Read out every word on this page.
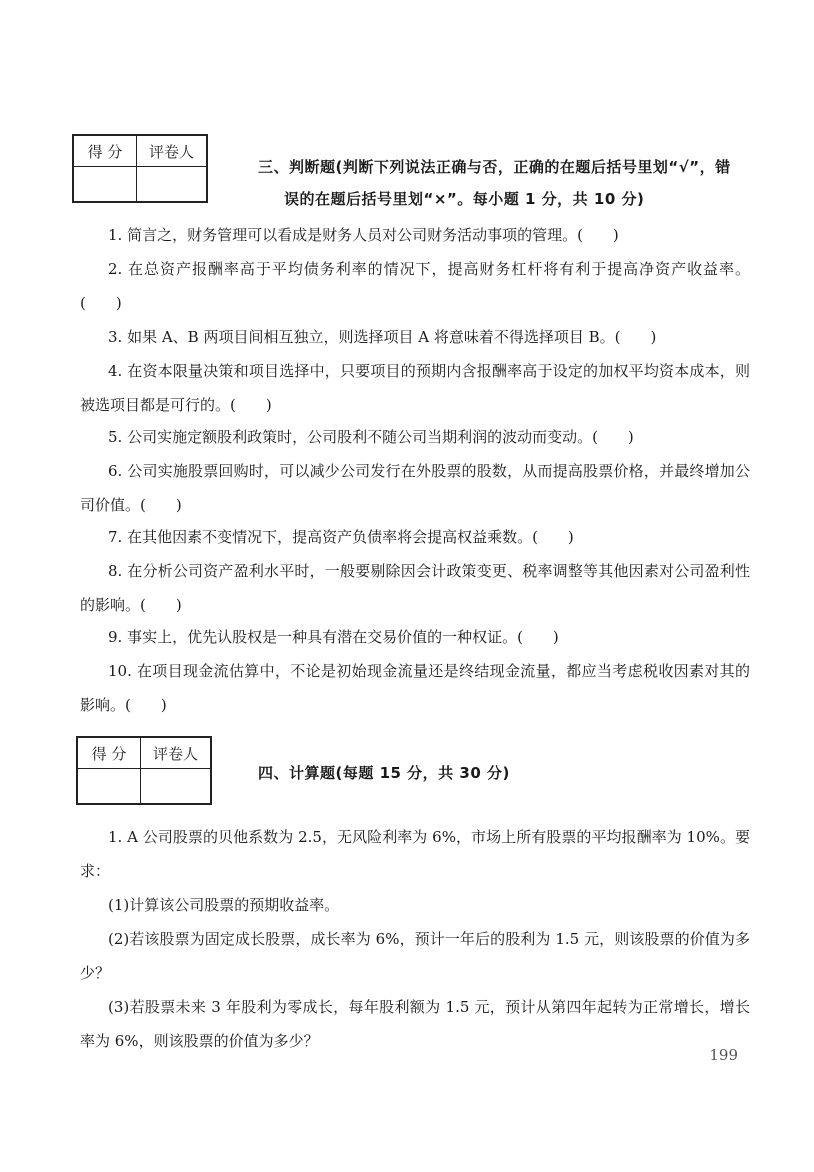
得 分	评卷人

三、判断题(判断下列说法正确与否，正确的在题后括号里划“√”，错
误的在题后括号里划“×”。每小题 1 分，共 10 分)

1. 简言之，财务管理可以看成是财务人员对公司财务活动事项的管理。(　　)

2. 在总资产报酬率高于平均债务利率的情况下，提高财务杠杆将有利于提高净资产收益率。(　　)

3. 如果 A、B 两项目间相互独立，则选择项目 A 将意味着不得选择项目 B。(　　)

4. 在资本限量决策和项目选择中，只要项目的预期内含报酬率高于设定的加权平均资本成本，则被选项目都是可行的。(　　)

5. 公司实施定额股利政策时，公司股利不随公司当期利润的波动而变动。(　　)

6. 公司实施股票回购时，可以减少公司发行在外股票的股数，从而提高股票价格，并最终增加公司价值。(　　)

7. 在其他因素不变情况下，提高资产负债率将会提高权益乘数。(　　)

8. 在分析公司资产盈利水平时，一般要剔除因会计政策变更、税率调整等其他因素对公司盈利性的影响。(　　)

9. 事实上，优先认股权是一种具有潜在交易价值的一种权证。(　　)

10. 在项目现金流估算中，不论是初始现金流量还是终结现金流量，都应当考虑税收因素对其的影响。(　　)

得 分	评卷人

四、计算题(每题 15 分，共 30 分)

1. A 公司股票的贝他系数为 2.5，无风险利率为 6%，市场上所有股票的平均报酬率为 10%。要求：

(1)计算该公司股票的预期收益率。

(2)若该股票为固定成长股票，成长率为 6%，预计一年后的股利为 1.5 元，则该股票的价值为多少？

(3)若股票未来 3 年股利为零成长，每年股利额为 1.5 元，预计从第四年起转为正常增长，增长率为 6%，则该股票的价值为多少？

199
